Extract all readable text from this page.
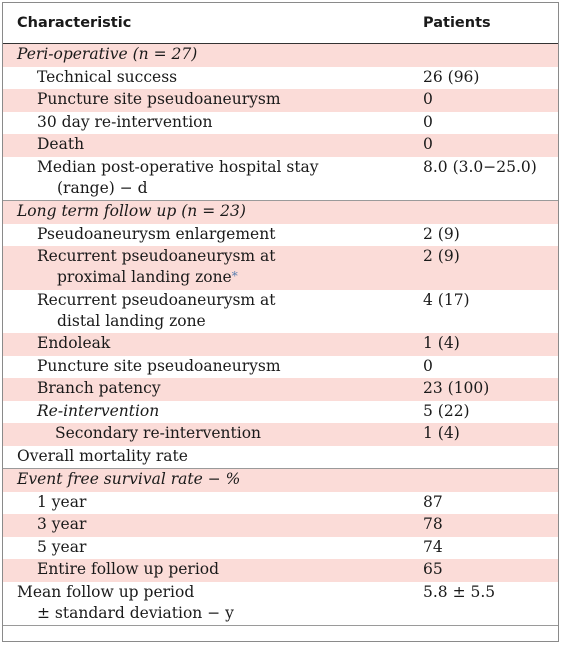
Characteristic	Patients
Peri-operative (n = 27)	
Technical success	26 (96)
Puncture site pseudoaneurysm	0
30 day re-intervention	0
Death	0
Median post-operative hospital stay
(range) − d	8.0 (3.0−25.0)
Long term follow up (n = 23)	
Pseudoaneurysm enlargement	2 (9)
Recurrent pseudoaneurysm at
proximal landing zone*	2 (9)
Recurrent pseudoaneurysm at
distal landing zone	4 (17)
Endoleak	1 (4)
Puncture site pseudoaneurysm	0
Branch patency	23 (100)
Re-intervention	5 (22)
Secondary re-intervention	1 (4)
Overall mortality rate	
Event free survival rate − %	
1 year	87
3 year	78
5 year	74
Entire follow up period	65
Mean follow up period
± standard deviation − y	5.8 ± 5.5
